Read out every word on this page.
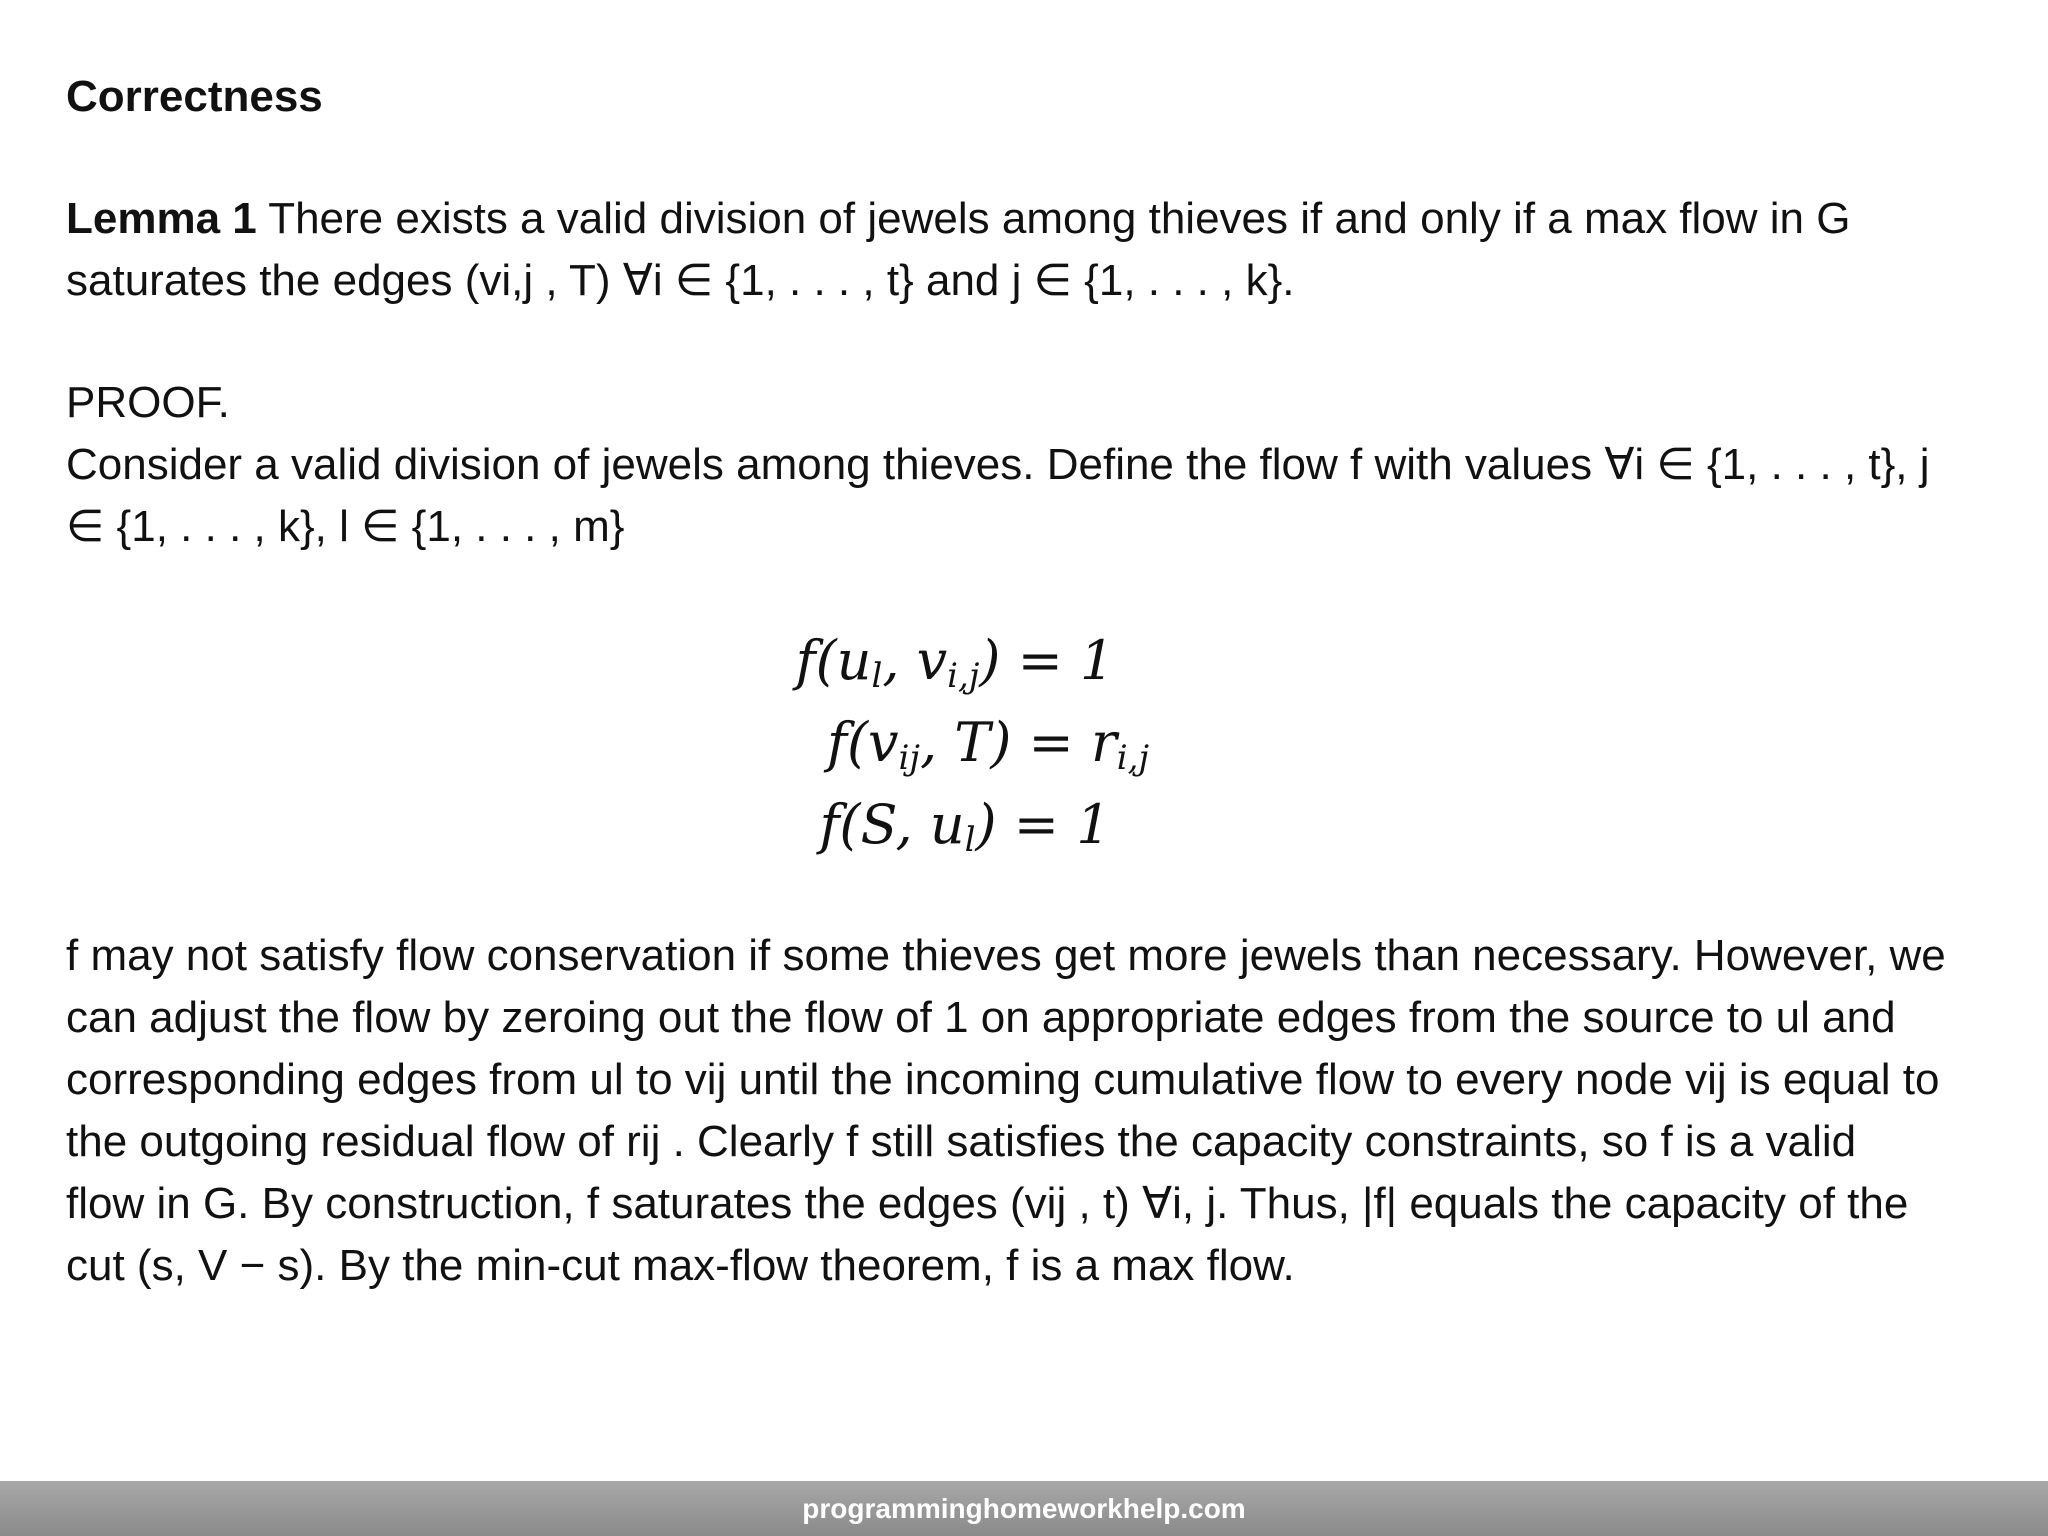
Correctness
Lemma 1 There exists a valid division of jewels among thieves if and only if a max flow in G saturates the edges (vi,j , T) ∀i ∈ {1, . . . , t} and j ∈ {1, . . . , k}.
PROOF.
Consider a valid division of jewels among thieves. Define the flow f with values ∀i ∈ {1, . . . , t}, j ∈ {1, . . . , k}, l ∈ {1, . . . , m}
$f(u_l$, $v_{i,j}) = 1$
$f(v_{ij}$, $T) = r_{i,j}$
f(S, $u_l) = 1$
f may not satisfy flow conservation if some thieves get more jewels than necessary. However, we can adjust the flow by zeroing out the flow of 1 on appropriate edges from the source to ul and corresponding edges from ul to vij until the incoming cumulative flow to every node vij is equal to the outgoing residual flow of rij . Clearly f still satisfies the capacity constraints, so f is a valid flow in G. By construction, f saturates the edges (vij , t) ∀i, j. Thus, |f| equals the capacity of the cut (s, V − s). By the min-cut max-flow theorem, f is a max flow.
programminghomeworkhelp.com
